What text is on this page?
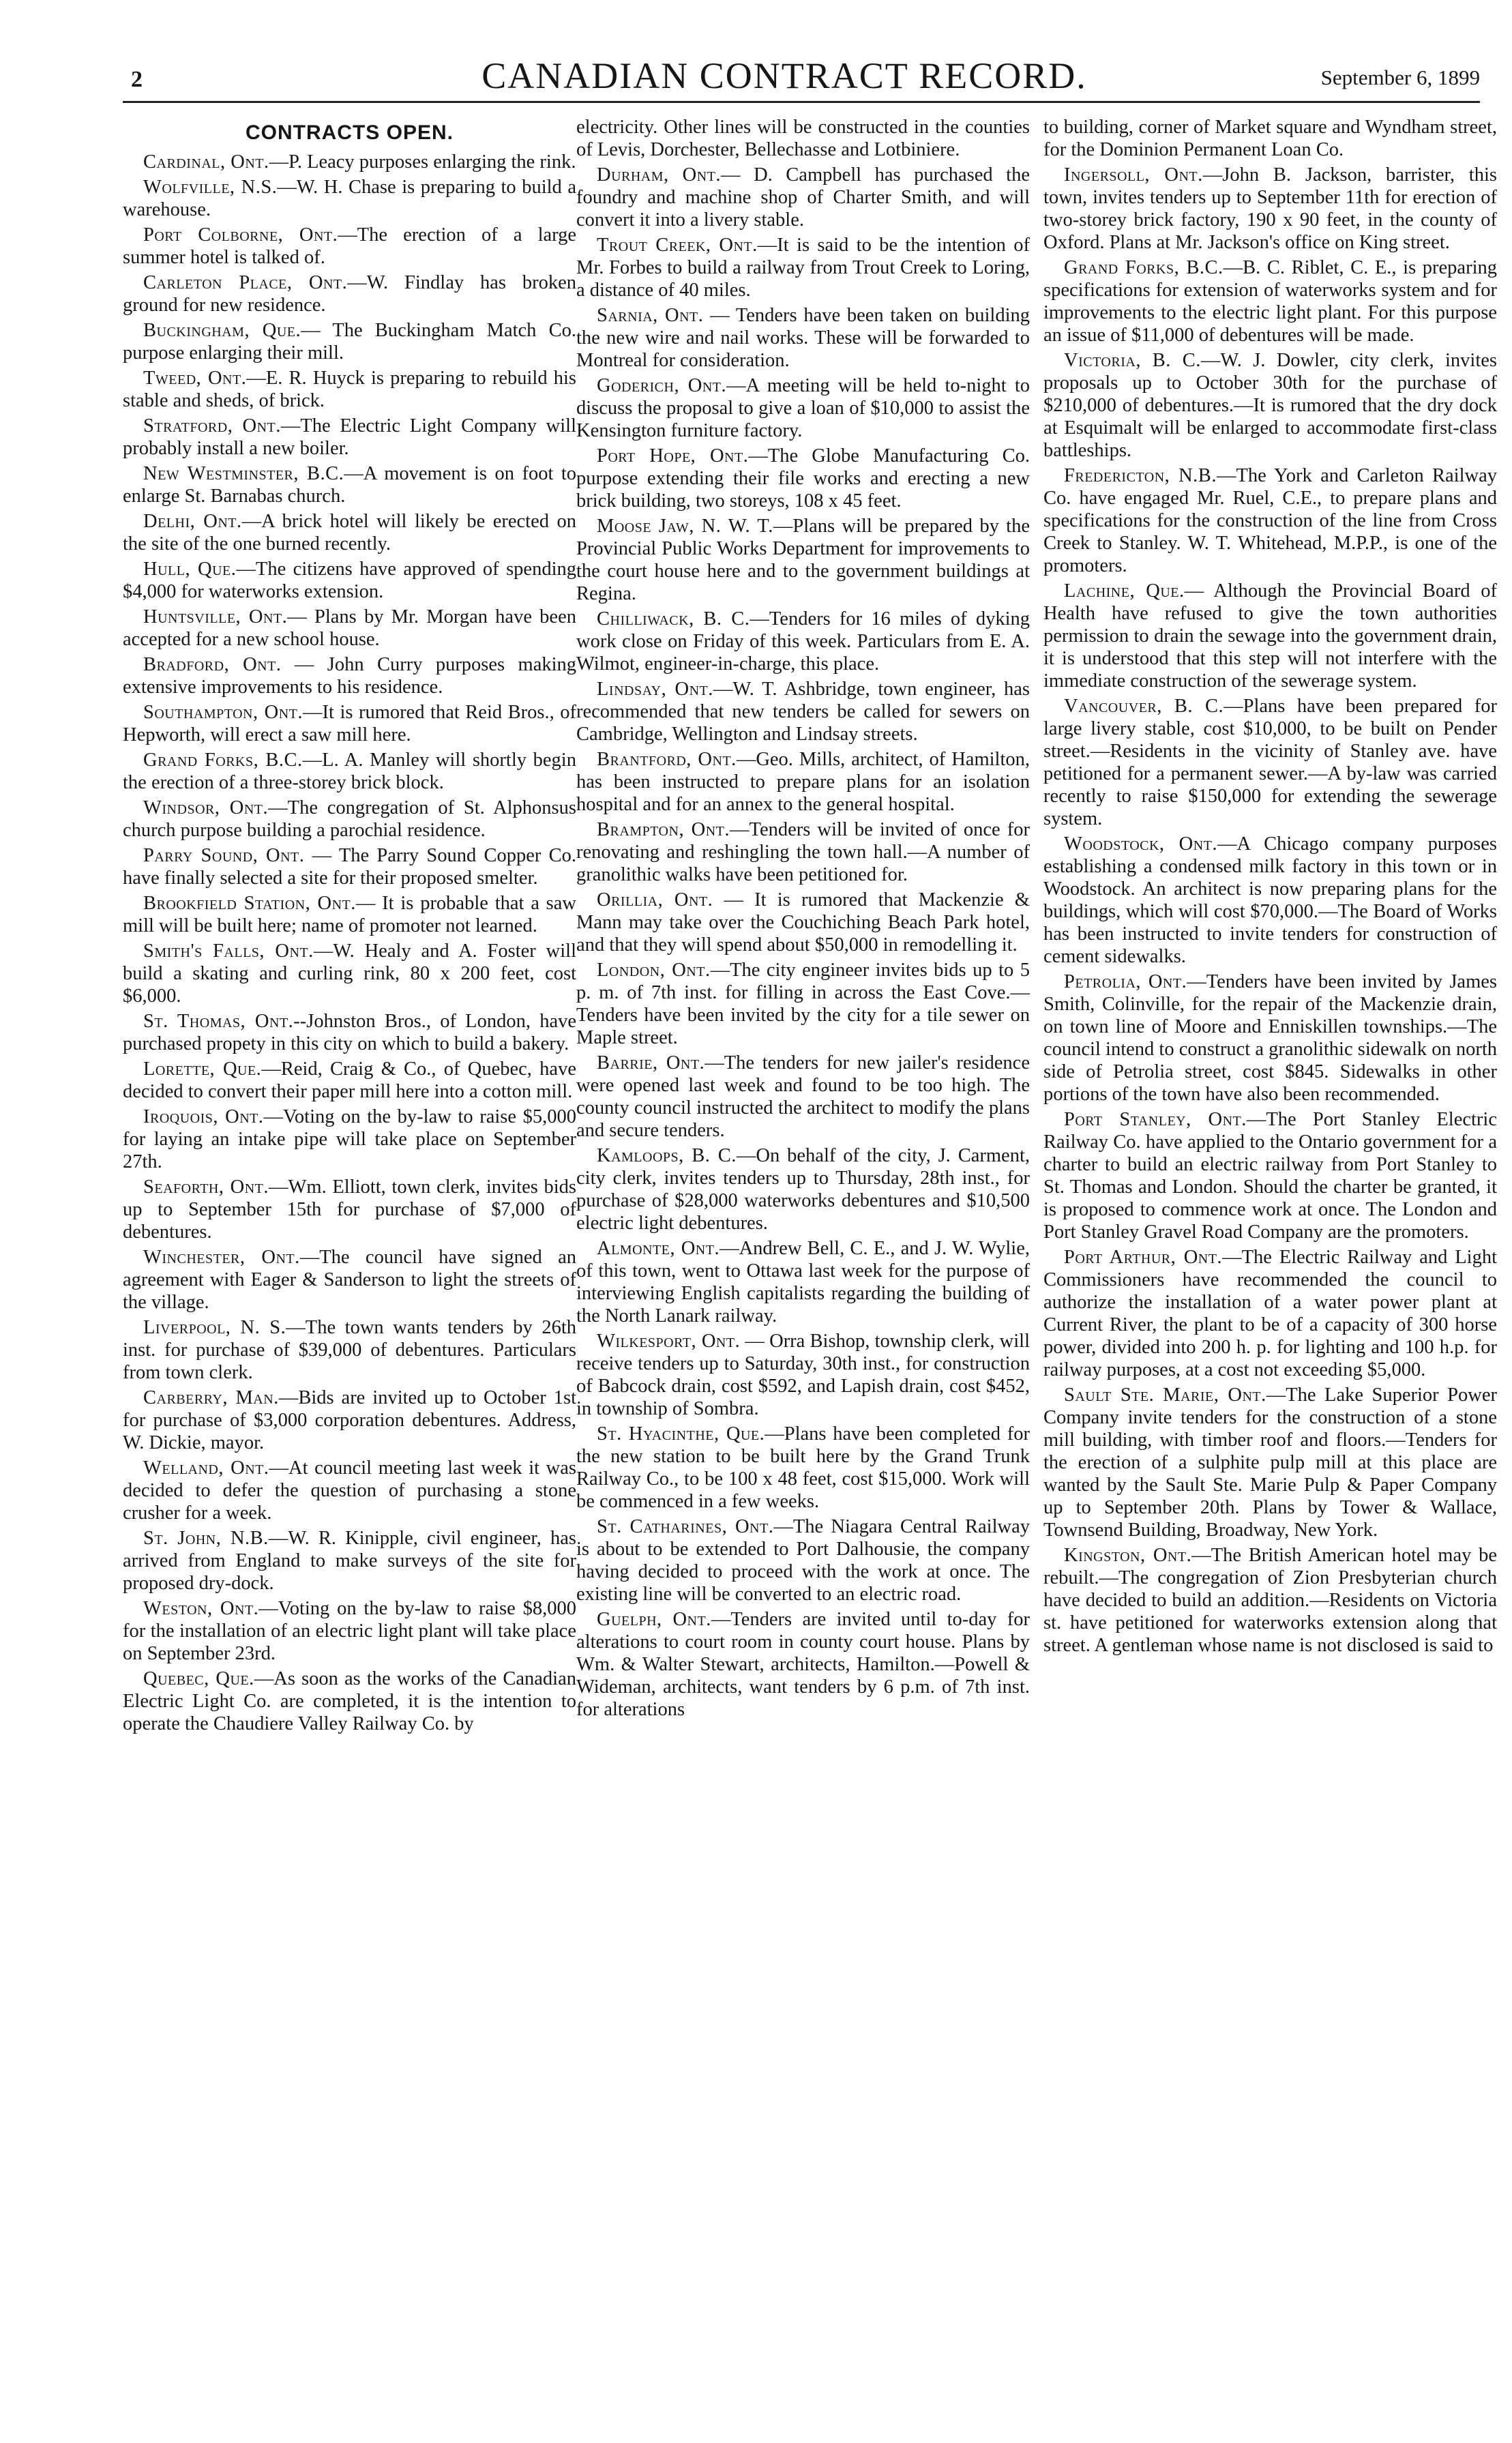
2	CANADIAN CONTRACT RECORD.	September 6, 1899
CONTRACTS OPEN.

Cardinal, Ont.—P. Leacy purposes enlarging the rink.

Wolfville, N.S.—W. H. Chase is preparing to build a warehouse.

Port Colborne, Ont.—The erection of a large summer hotel is talked of.

Carleton Place, Ont.—W. Findlay has broken ground for new residence.

Buckingham, Que.— The Buckingham Match Co. purpose enlarging their mill.

Tweed, Ont.—E. R. Huyck is preparing to rebuild his stable and sheds, of brick.

Stratford, Ont.—The Electric Light Company will probably install a new boiler.

New Westminster, B.C.—A movement is on foot to enlarge St. Barnabas church.

Delhi, Ont.—A brick hotel will likely be erected on the site of the one burned recently.

Hull, Que.—The citizens have approved of spending $4,000 for waterworks extension.

Huntsville, Ont.— Plans by Mr. Morgan have been accepted for a new school house.

Bradford, Ont. — John Curry purposes making extensive improvements to his residence.

Southampton, Ont.—It is rumored that Reid Bros., of Hepworth, will erect a saw mill here.

Grand Forks, B.C.—L. A. Manley will shortly begin the erection of a three-storey brick block.

Windsor, Ont.—The congregation of St. Alphonsus church purpose building a parochial residence.

Parry Sound, Ont. — The Parry Sound Copper Co. have finally selected a site for their proposed smelter.

Brookfield Station, Ont.— It is probable that a saw mill will be built here; name of promoter not learned.

Smith's Falls, Ont.—W. Healy and A. Foster will build a skating and curling rink, 80 x 200 feet, cost $6,000.

St. Thomas, Ont.--Johnston Bros., of London, have purchased propety in this city on which to build a bakery.

Lorette, Que.—Reid, Craig & Co., of Quebec, have decided to convert their paper mill here into a cotton mill.

Iroquois, Ont.—Voting on the by-law to raise $5,000 for laying an intake pipe will take place on September 27th.

Seaforth, Ont.—Wm. Elliott, town clerk, invites bids up to September 15th for purchase of $7,000 of debentures.

Winchester, Ont.—The council have signed an agreement with Eager & Sanderson to light the streets of the village.

Liverpool, N. S.—The town wants tenders by 26th inst. for purchase of $39,000 of debentures. Particulars from town clerk.

Carberry, Man.—Bids are invited up to October 1st for purchase of $3,000 corporation debentures. Address, W. Dickie, mayor.

Welland, Ont.—At council meeting last week it was decided to defer the question of purchasing a stone crusher for a week.

St. John, N.B.—W. R. Kinipple, civil engineer, has arrived from England to make surveys of the site for proposed dry-dock.

Weston, Ont.—Voting on the by-law to raise $8,000 for the installation of an electric light plant will take place on September 23rd.

Quebec, Que.—As soon as the works of the Canadian Electric Light Co. are completed, it is the intention to operate the Chaudiere Valley Railway Co. by

electricity. Other lines will be constructed in the counties of Levis, Dorchester, Bellechasse and Lotbiniere.

Durham, Ont.— D. Campbell has purchased the foundry and machine shop of Charter Smith, and will convert it into a livery stable.

Trout Creek, Ont.—It is said to be the intention of Mr. Forbes to build a railway from Trout Creek to Loring, a distance of 40 miles.

Sarnia, Ont. — Tenders have been taken on building the new wire and nail works. These will be forwarded to Montreal for consideration.

Goderich, Ont.—A meeting will be held to-night to discuss the proposal to give a loan of $10,000 to assist the Kensington furniture factory.

Port Hope, Ont.—The Globe Manufacturing Co. purpose extending their file works and erecting a new brick building, two storeys, 108 x 45 feet.

Moose Jaw, N. W. T.—Plans will be prepared by the Provincial Public Works Department for improvements to the court house here and to the government buildings at Regina.

Chilliwack, B. C.—Tenders for 16 miles of dyking work close on Friday of this week. Particulars from E. A. Wilmot, engineer-in-charge, this place.

Lindsay, Ont.—W. T. Ashbridge, town engineer, has recommended that new tenders be called for sewers on Cambridge, Wellington and Lindsay streets.

Brantford, Ont.—Geo. Mills, architect, of Hamilton, has been instructed to prepare plans for an isolation hospital and for an annex to the general hospital.

Brampton, Ont.—Tenders will be invited of once for renovating and reshingling the town hall.—A number of granolithic walks have been petitioned for.

Orillia, Ont. — It is rumored that Mackenzie & Mann may take over the Couchiching Beach Park hotel, and that they will spend about $50,000 in remodelling it.

London, Ont.—The city engineer invites bids up to 5 p. m. of 7th inst. for filling in across the East Cove.—Tenders have been invited by the city for a tile sewer on Maple street.

Barrie, Ont.—The tenders for new jailer's residence were opened last week and found to be too high. The county council instructed the architect to modify the plans and secure tenders.

Kamloops, B. C.—On behalf of the city, J. Carment, city clerk, invites tenders up to Thursday, 28th inst., for purchase of $28,000 waterworks debentures and $10,500 electric light debentures.

Almonte, Ont.—Andrew Bell, C. E., and J. W. Wylie, of this town, went to Ottawa last week for the purpose of interviewing English capitalists regarding the building of the North Lanark railway.

Wilkesport, Ont. — Orra Bishop, township clerk, will receive tenders up to Saturday, 30th inst., for construction of Babcock drain, cost $592, and Lapish drain, cost $452, in township of Sombra.

St. Hyacinthe, Que.—Plans have been completed for the new station to be built here by the Grand Trunk Railway Co., to be 100 x 48 feet, cost $15,000. Work will be commenced in a few weeks.

St. Catharines, Ont.—The Niagara Central Railway is about to be extended to Port Dalhousie, the company having decided to proceed with the work at once. The existing line will be converted to an electric road.

Guelph, Ont.—Tenders are invited until to-day for alterations to court room in county court house. Plans by Wm. & Walter Stewart, architects, Hamilton.—Powell & Wideman, architects, want tenders by 6 p.m. of 7th inst. for alterations

to building, corner of Market square and Wyndham street, for the Dominion Permanent Loan Co.

Ingersoll, Ont.—John B. Jackson, barrister, this town, invites tenders up to September 11th for erection of two-storey brick factory, 190 x 90 feet, in the county of Oxford. Plans at Mr. Jackson's office on King street.

Grand Forks, B.C.—B. C. Riblet, C. E., is preparing specifications for extension of waterworks system and for improvements to the electric light plant. For this purpose an issue of $11,000 of debentures will be made.

Victoria, B. C.—W. J. Dowler, city clerk, invites proposals up to October 30th for the purchase of $210,000 of debentures.—It is rumored that the dry dock at Esquimalt will be enlarged to accommodate first-class battleships.

Fredericton, N.B.—The York and Carleton Railway Co. have engaged Mr. Ruel, C.E., to prepare plans and specifications for the construction of the line from Cross Creek to Stanley. W. T. Whitehead, M.P.P., is one of the promoters.

Lachine, Que.— Although the Provincial Board of Health have refused to give the town authorities permission to drain the sewage into the government drain, it is understood that this step will not interfere with the immediate construction of the sewerage system.

Vancouver, B. C.—Plans have been prepared for large livery stable, cost $10,000, to be built on Pender street.—Residents in the vicinity of Stanley ave. have petitioned for a permanent sewer.—A by-law was carried recently to raise $150,000 for extending the sewerage system.

Woodstock, Ont.—A Chicago company purposes establishing a condensed milk factory in this town or in Woodstock. An architect is now preparing plans for the buildings, which will cost $70,000.—The Board of Works has been instructed to invite tenders for construction of cement sidewalks.

Petrolia, Ont.—Tenders have been invited by James Smith, Colinville, for the repair of the Mackenzie drain, on town line of Moore and Enniskillen townships.—The council intend to construct a granolithic sidewalk on north side of Petrolia street, cost $845. Sidewalks in other portions of the town have also been recommended.

Port Stanley, Ont.—The Port Stanley Electric Railway Co. have applied to the Ontario government for a charter to build an electric railway from Port Stanley to St. Thomas and London. Should the charter be granted, it is proposed to commence work at once. The London and Port Stanley Gravel Road Company are the promoters.

Port Arthur, Ont.—The Electric Railway and Light Commissioners have recommended the council to authorize the installation of a water power plant at Current River, the plant to be of a capacity of 300 horse power, divided into 200 h. p. for lighting and 100 h.p. for railway purposes, at a cost not exceeding $5,000.

Sault Ste. Marie, Ont.—The Lake Superior Power Company invite tenders for the construction of a stone mill building, with timber roof and floors.—Tenders for the erection of a sulphite pulp mill at this place are wanted by the Sault Ste. Marie Pulp & Paper Company up to September 20th. Plans by Tower & Wallace, Townsend Building, Broadway, New York.

Kingston, Ont.—The British American hotel may be rebuilt.—The congregation of Zion Presbyterian church have decided to build an addition.—Residents on Victoria st. have petitioned for waterworks extension along that street. A gentleman whose name is not disclosed is said to
